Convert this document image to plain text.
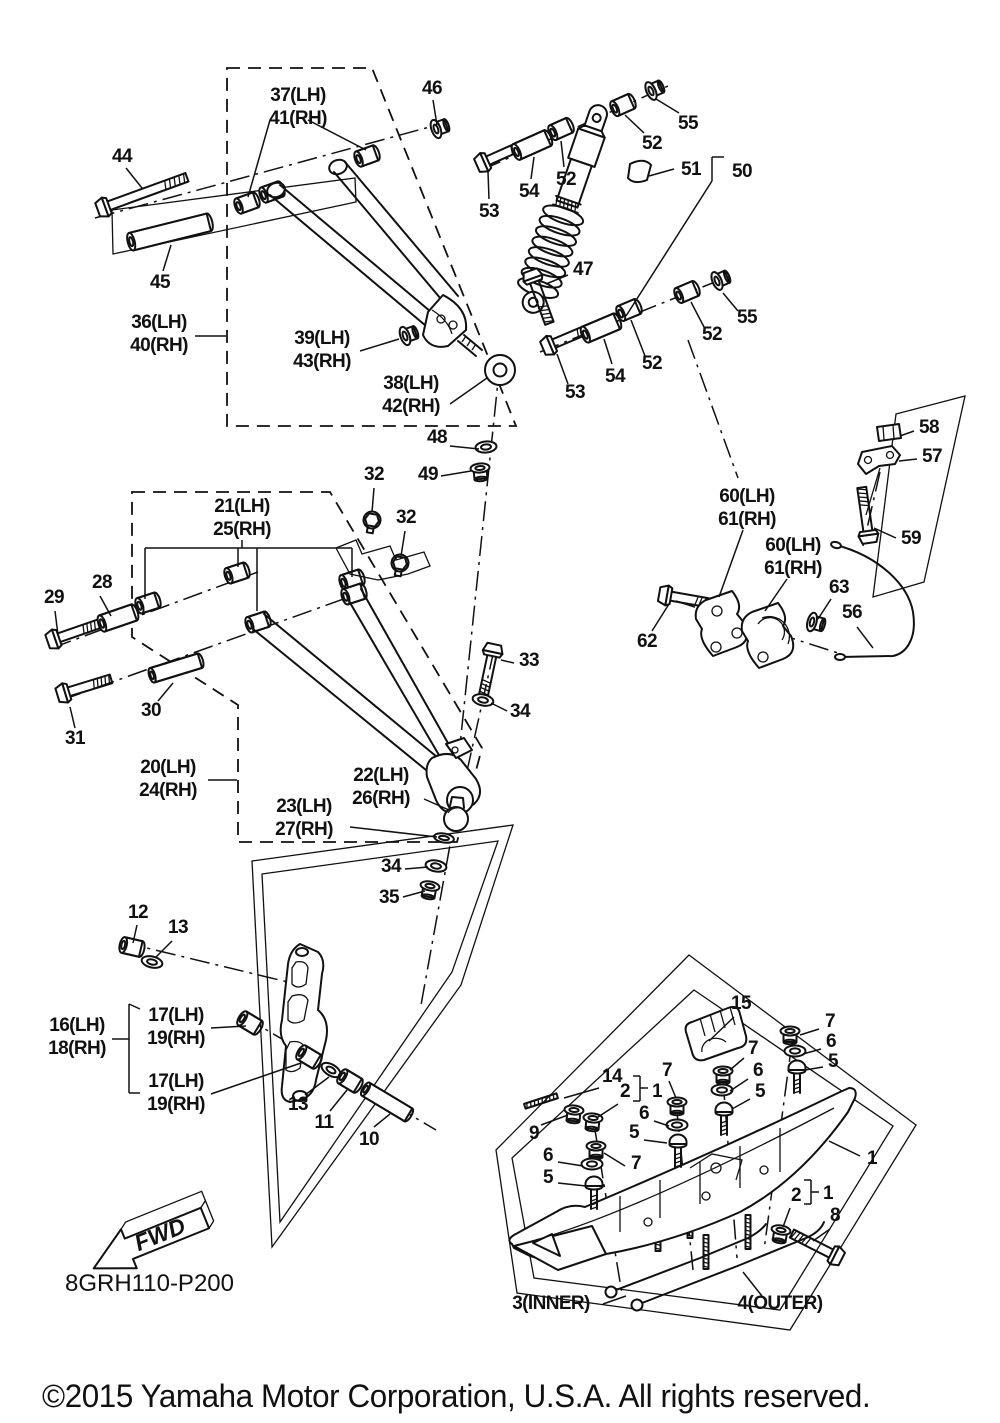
FWD
8GRH110-P200
©2015 Yamaha Motor Corporation, U.S.A. All rights reserved.
37(LH) 41(RH)
46
44
45
36(LH) 40(RH)	39(LH) 43(RH)
38(LH) 42(RH)
48
49
53
54
52
52
55
51 50
47
55
52
52
54
53
58
57
59
60(LH) 61(RH)
60(LH) 61(RH)
63
56
62
32
32
21(LH) 25(RH)
28
29
30
31
20(LH) 24(RH)
22(LH) 26(RH)
23(LH) 27(RH)
33
34
34
35
12
13
16(LH) 18(RH)
17(LH) 19(RH)
17(LH) 19(RH)	13
11
10
15
7
6
5
7
6
5
14
2 1
7
6
5
9
6	7
5
1
2 1
8
3(INNER)	4(OUTER)
